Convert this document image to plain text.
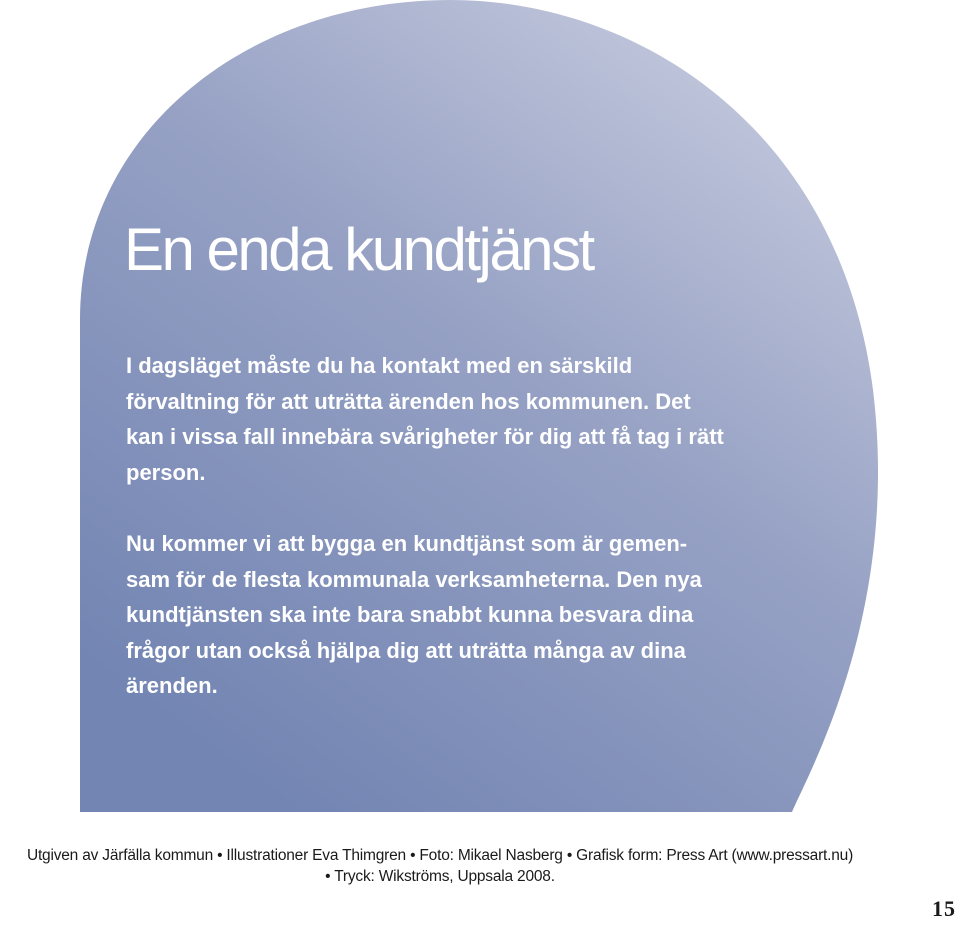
En enda kundtjänst

I dagsläget måste du ha kontakt med en särskild
förvaltning för att uträtta ärenden hos kommunen. Det
kan i vissa fall innebära svårigheter för dig att få tag i rätt
person.

Nu kommer vi att bygga en kundtjänst som är gemen-
sam för de flesta kommunala verksamheterna. Den nya
kundtjänsten ska inte bara snabbt kunna besvara dina
frågor utan också hjälpa dig att uträtta många av dina
ärenden.

Utgiven av Järfälla kommun • Illustrationer Eva Thimgren • Foto: Mikael Nasberg • Grafisk form: Press Art (www.pressart.nu)
• Tryck: Wikströms, Uppsala 2008.
15
